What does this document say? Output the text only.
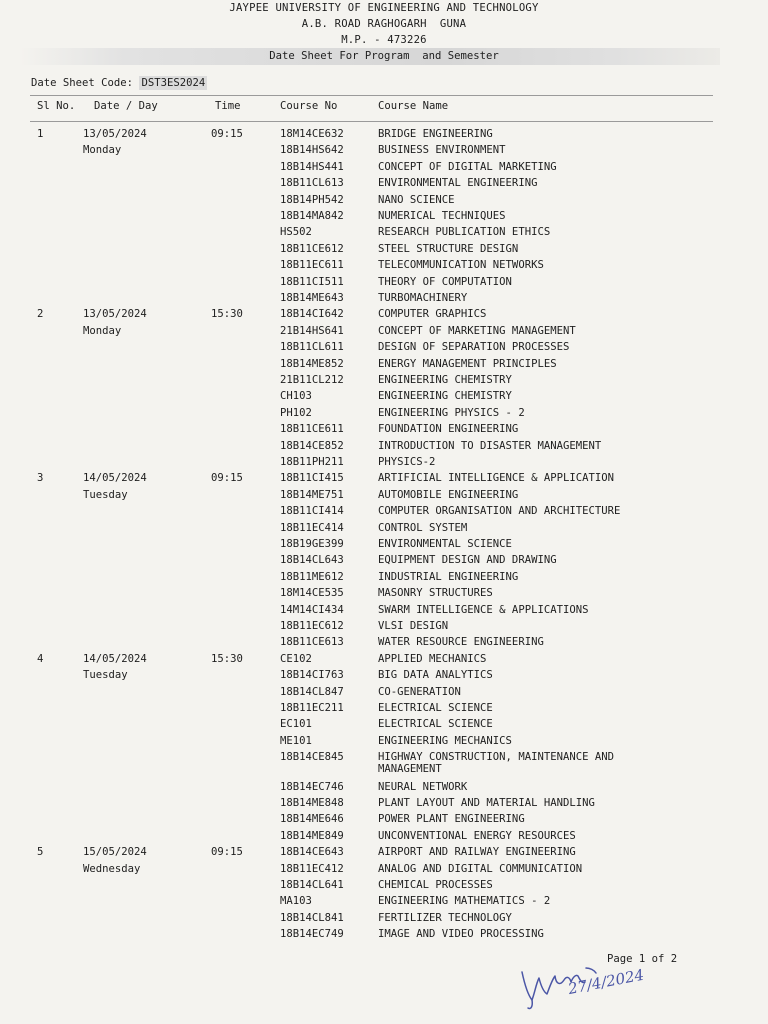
JAYPEE UNIVERSITY OF ENGINEERING AND TECHNOLOGY
A.B. ROAD RAGHOGARH  GUNA
M.P. - 473226
Date Sheet For Program  and Semester
Date Sheet Code: DST3ES2024
Sl No. Date / Day	Time	Course No	Course Name
1	13/05/2024	09:15	18M14CE632	BRIDGE ENGINEERING
Monday	18B14HS642	BUSINESS ENVIRONMENT
18B14HS441	CONCEPT OF DIGITAL MARKETING
18B11CL613	ENVIRONMENTAL ENGINEERING
18B14PH542	NANO SCIENCE
18B14MA842	NUMERICAL TECHNIQUES
HS502	RESEARCH PUBLICATION ETHICS
18B11CE612	STEEL STRUCTURE DESIGN
18B11EC611	TELECOMMUNICATION NETWORKS
18B11CI511	THEORY OF COMPUTATION
18B14ME643	TURBOMACHINERY
2	13/05/2024	15:30	18B14CI642	COMPUTER GRAPHICS
Monday	21B14HS641	CONCEPT OF MARKETING MANAGEMENT
18B11CL611	DESIGN OF SEPARATION PROCESSES
18B14ME852	ENERGY MANAGEMENT PRINCIPLES
21B11CL212	ENGINEERING CHEMISTRY
CH103	ENGINEERING CHEMISTRY
PH102	ENGINEERING PHYSICS - 2
18B11CE611	FOUNDATION ENGINEERING
18B14CE852	INTRODUCTION TO DISASTER MANAGEMENT
18B11PH211	PHYSICS-2
3	14/05/2024	09:15	18B11CI415	ARTIFICIAL INTELLIGENCE & APPLICATION
Tuesday	18B14ME751	AUTOMOBILE ENGINEERING
18B11CI414	COMPUTER ORGANISATION AND ARCHITECTURE
18B11EC414	CONTROL SYSTEM
18B19GE399	ENVIRONMENTAL SCIENCE
18B14CL643	EQUIPMENT DESIGN AND DRAWING
18B11ME612	INDUSTRIAL ENGINEERING
18M14CE535	MASONRY STRUCTURES
14M14CI434	SWARM INTELLIGENCE & APPLICATIONS
18B11EC612	VLSI DESIGN
18B11CE613	WATER RESOURCE ENGINEERING
4	14/05/2024	15:30	CE102	APPLIED MECHANICS
Tuesday	18B14CI763	BIG DATA ANALYTICS
18B14CL847	CO-GENERATION
18B11EC211	ELECTRICAL SCIENCE
EC101	ELECTRICAL SCIENCE
ME101	ENGINEERING MECHANICS
18B14CE845	HIGHWAY CONSTRUCTION, MAINTENANCE AND
MANAGEMENT
18B14EC746	NEURAL NETWORK
18B14ME848	PLANT LAYOUT AND MATERIAL HANDLING
18B14ME646	POWER PLANT ENGINEERING
18B14ME849	UNCONVENTIONAL ENERGY RESOURCES
5	15/05/2024	09:15	18B14CE643	AIRPORT AND RAILWAY ENGINEERING
Wednesday	18B11EC412	ANALOG AND DIGITAL COMMUNICATION
18B14CL641	CHEMICAL PROCESSES
MA103	ENGINEERING MATHEMATICS - 2
18B14CL841	FERTILIZER TECHNOLOGY
18B14EC749	IMAGE AND VIDEO PROCESSING
Page 1 of 2
27/4/2024
